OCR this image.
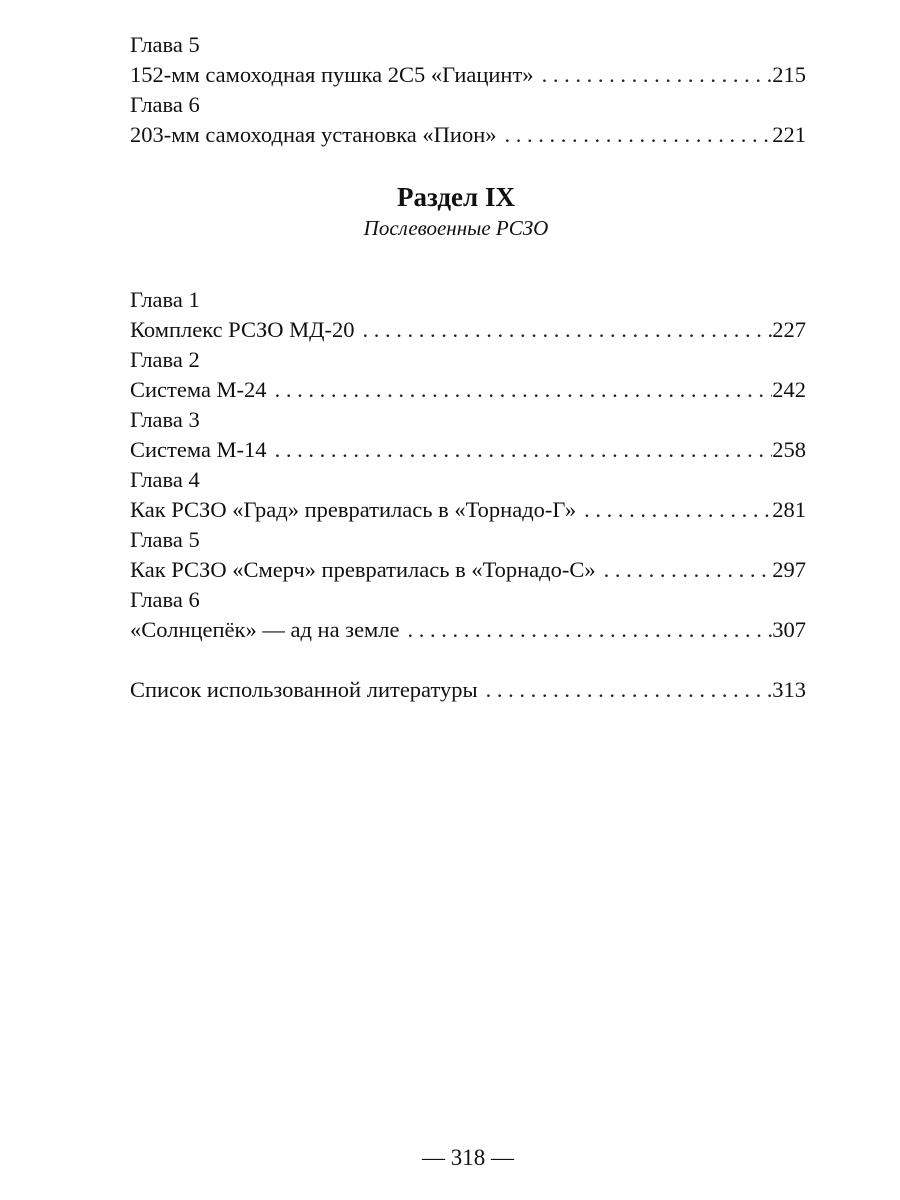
Глава 5
152-мм самоходная пушка 2С5 «Гиацинт» . . .	215
Глава 6
203-мм самоходная установка «Пион» . . .	221
Раздел IX
Послевоенные РСЗО
Глава 1
Комплекс РСЗО МД-20 . . .	227
Глава 2
Система М-24 . . .	242
Глава 3
Система М-14 . . .	258
Глава 4
Как РСЗО «Град» превратилась в «Торнадо-Г» . . .	281
Глава 5
Как РСЗО «Смерч» превратилась в «Торнадо-С» . . .	297
Глава 6
«Солнцепёк» — ад на земле . . .	307
Список использованной литературы . . .	313
— 318 —
